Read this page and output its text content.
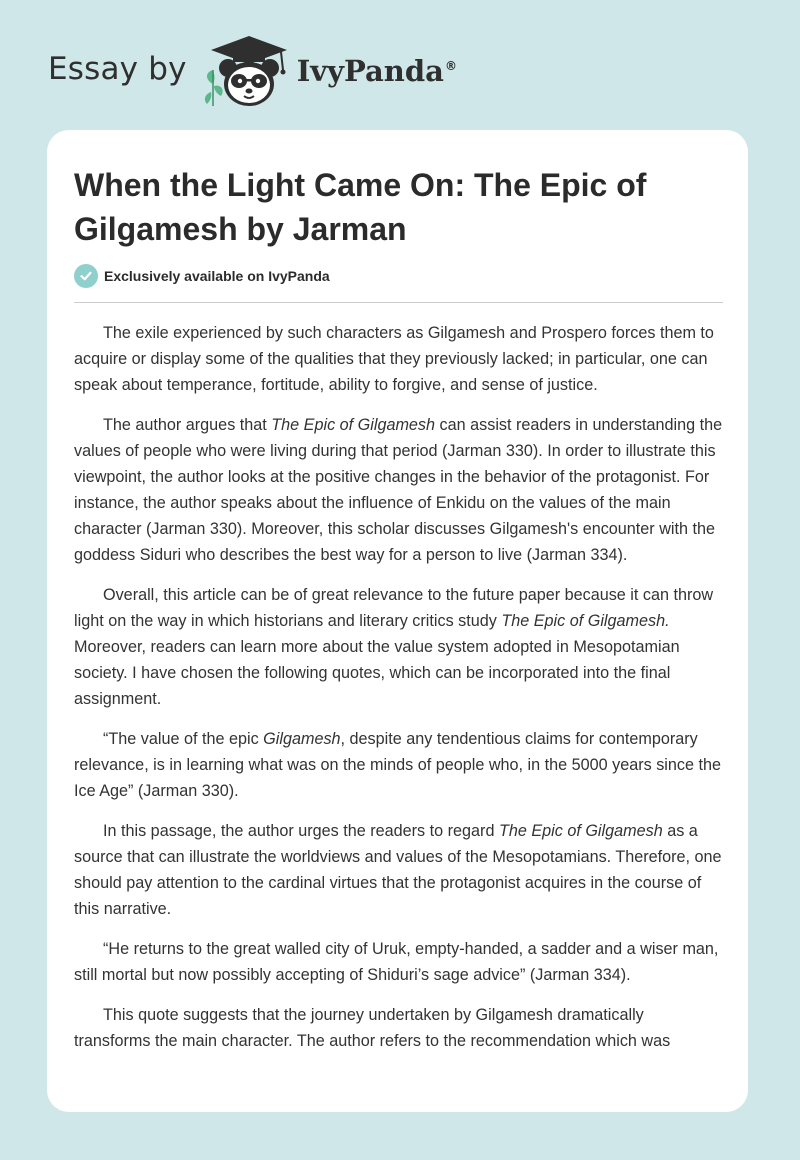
Essay by	IvyPanda®
When the Light Came On: The Epic of Gilgamesh by Jarman
Exclusively available on IvyPanda

The exile experienced by such characters as Gilgamesh and Prospero forces them to acquire or display some of the qualities that they previously lacked; in particular, one can speak about temperance, fortitude, ability to forgive, and sense of justice.

The author argues that The Epic of Gilgamesh can assist readers in understanding the values of people who were living during that period (Jarman 330). In order to illustrate this viewpoint, the author looks at the positive changes in the behavior of the protagonist. For instance, the author speaks about the influence of Enkidu on the values of the main character (Jarman 330). Moreover, this scholar discusses Gilgamesh's encounter with the goddess Siduri who describes the best way for a person to live (Jarman 334).

Overall, this article can be of great relevance to the future paper because it can throw light on the way in which historians and literary critics study The Epic of Gilgamesh. Moreover, readers can learn more about the value system adopted in Mesopotamian society. I have chosen the following quotes, which can be incorporated into the final assignment.

“The value of the epic Gilgamesh, despite any tendentious claims for contemporary relevance, is in learning what was on the minds of people who, in the 5000 years since the Ice Age” (Jarman 330).

In this passage, the author urges the readers to regard The Epic of Gilgamesh as a source that can illustrate the worldviews and values of the Mesopotamians. Therefore, one should pay attention to the cardinal virtues that the protagonist acquires in the course of this narrative.

“He returns to the great walled city of Uruk, empty-handed, a sadder and a wiser man, still mortal but now possibly accepting of Shiduri’s sage advice” (Jarman 334).

This quote suggests that the journey undertaken by Gilgamesh dramatically transforms the main character. The author refers to the recommendation which was
